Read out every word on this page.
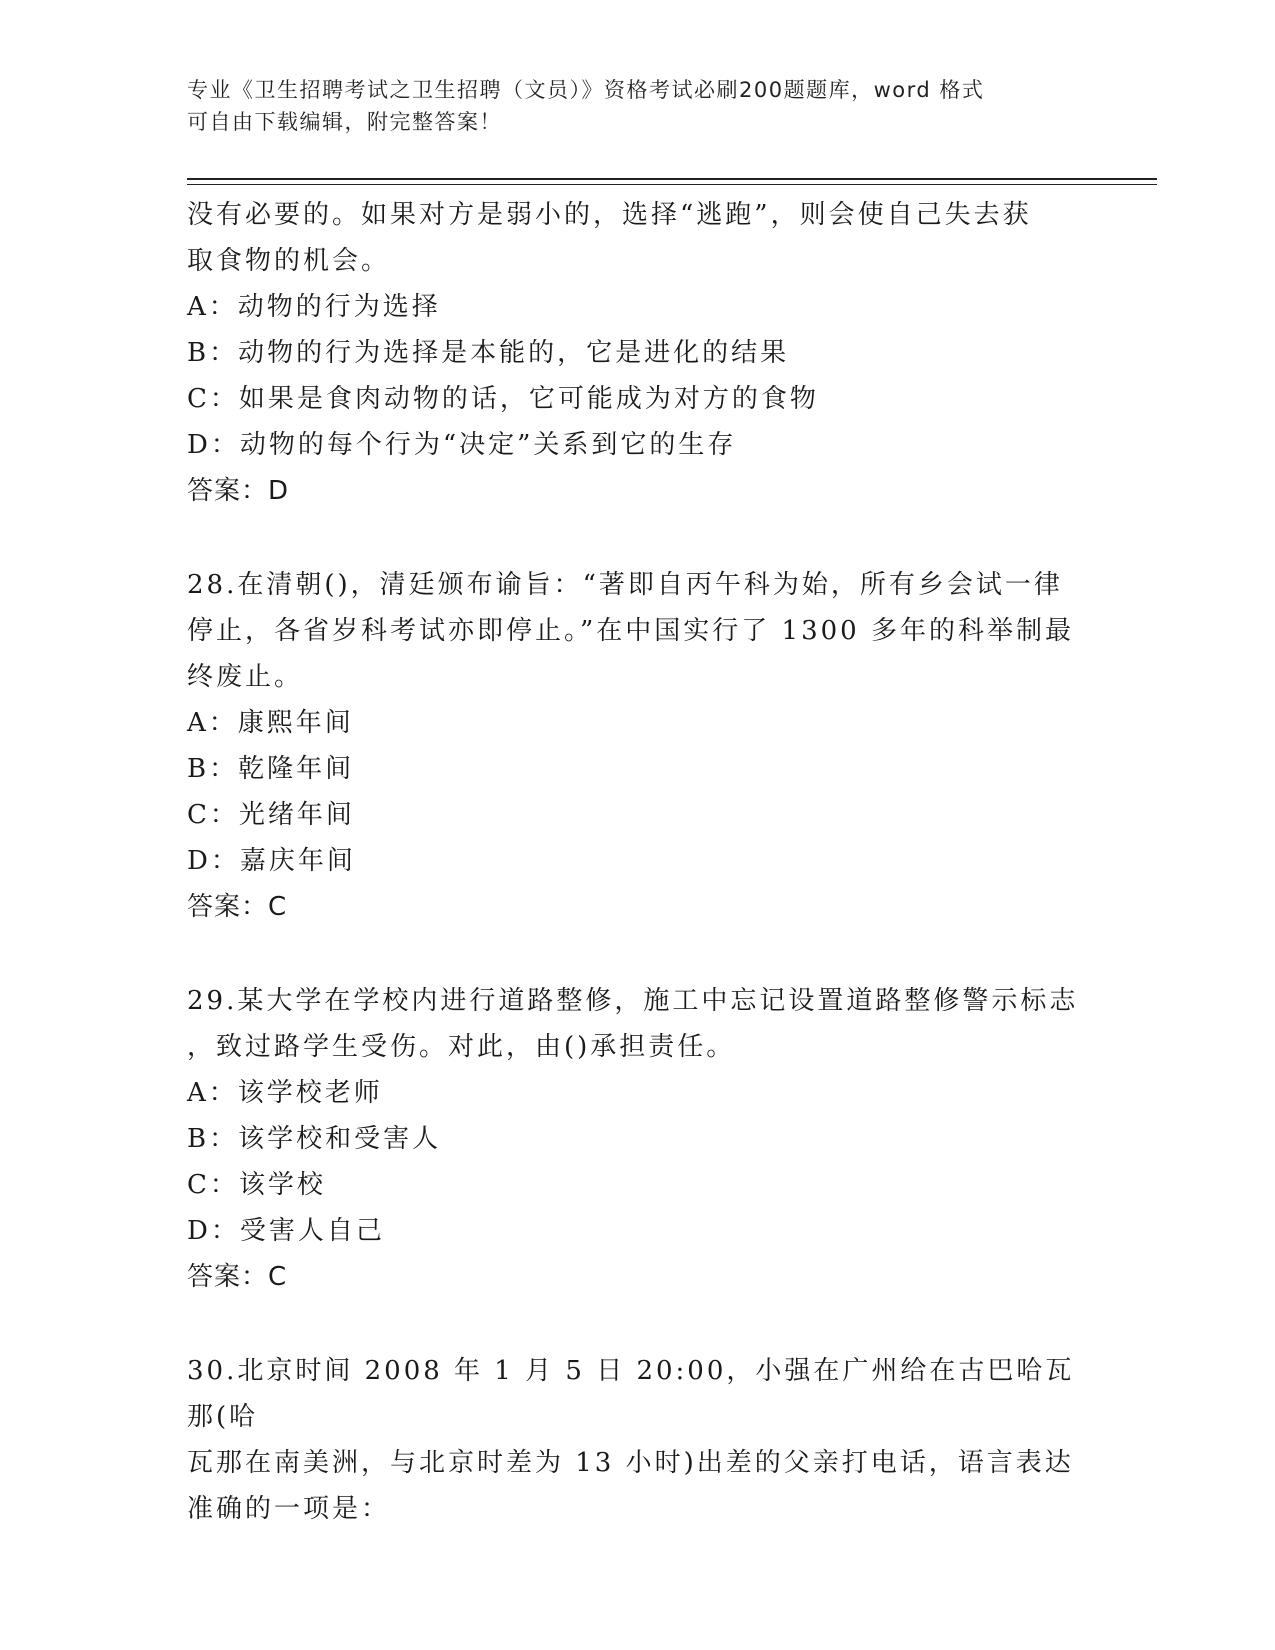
专业《卫生招聘考试之卫生招聘（文员）》资格考试必刷200题题库，word 格式
可自由下载编辑，附完整答案！

没有必要的。如果对方是弱小的，选择“逃跑”，则会使自己失去获

取食物的机会。

A：动物的行为选择

B：动物的行为选择是本能的，它是进化的结果

C：如果是食肉动物的话，它可能成为对方的食物

D：动物的每个行为“决定”关系到它的生存

答案：D

28.在清朝()，清廷颁布谕旨：“著即自丙午科为始，所有乡会试一律

停止，各省岁科考试亦即停止。”在中国实行了 1300 多年的科举制最

终废止。

A：康熙年间

B：乾隆年间

C：光绪年间

D：嘉庆年间

答案：C

29.某大学在学校内进行道路整修，施工中忘记设置道路整修警示标志

，致过路学生受伤。对此，由()承担责任。

A：该学校老师

B：该学校和受害人

C：该学校

D：受害人自己

答案：C

30.北京时间 2008 年 1 月 5 日 20:00，小强在广州给在古巴哈瓦那(哈

瓦那在南美洲，与北京时差为 13 小时)出差的父亲打电话，语言表达

准确的一项是：
